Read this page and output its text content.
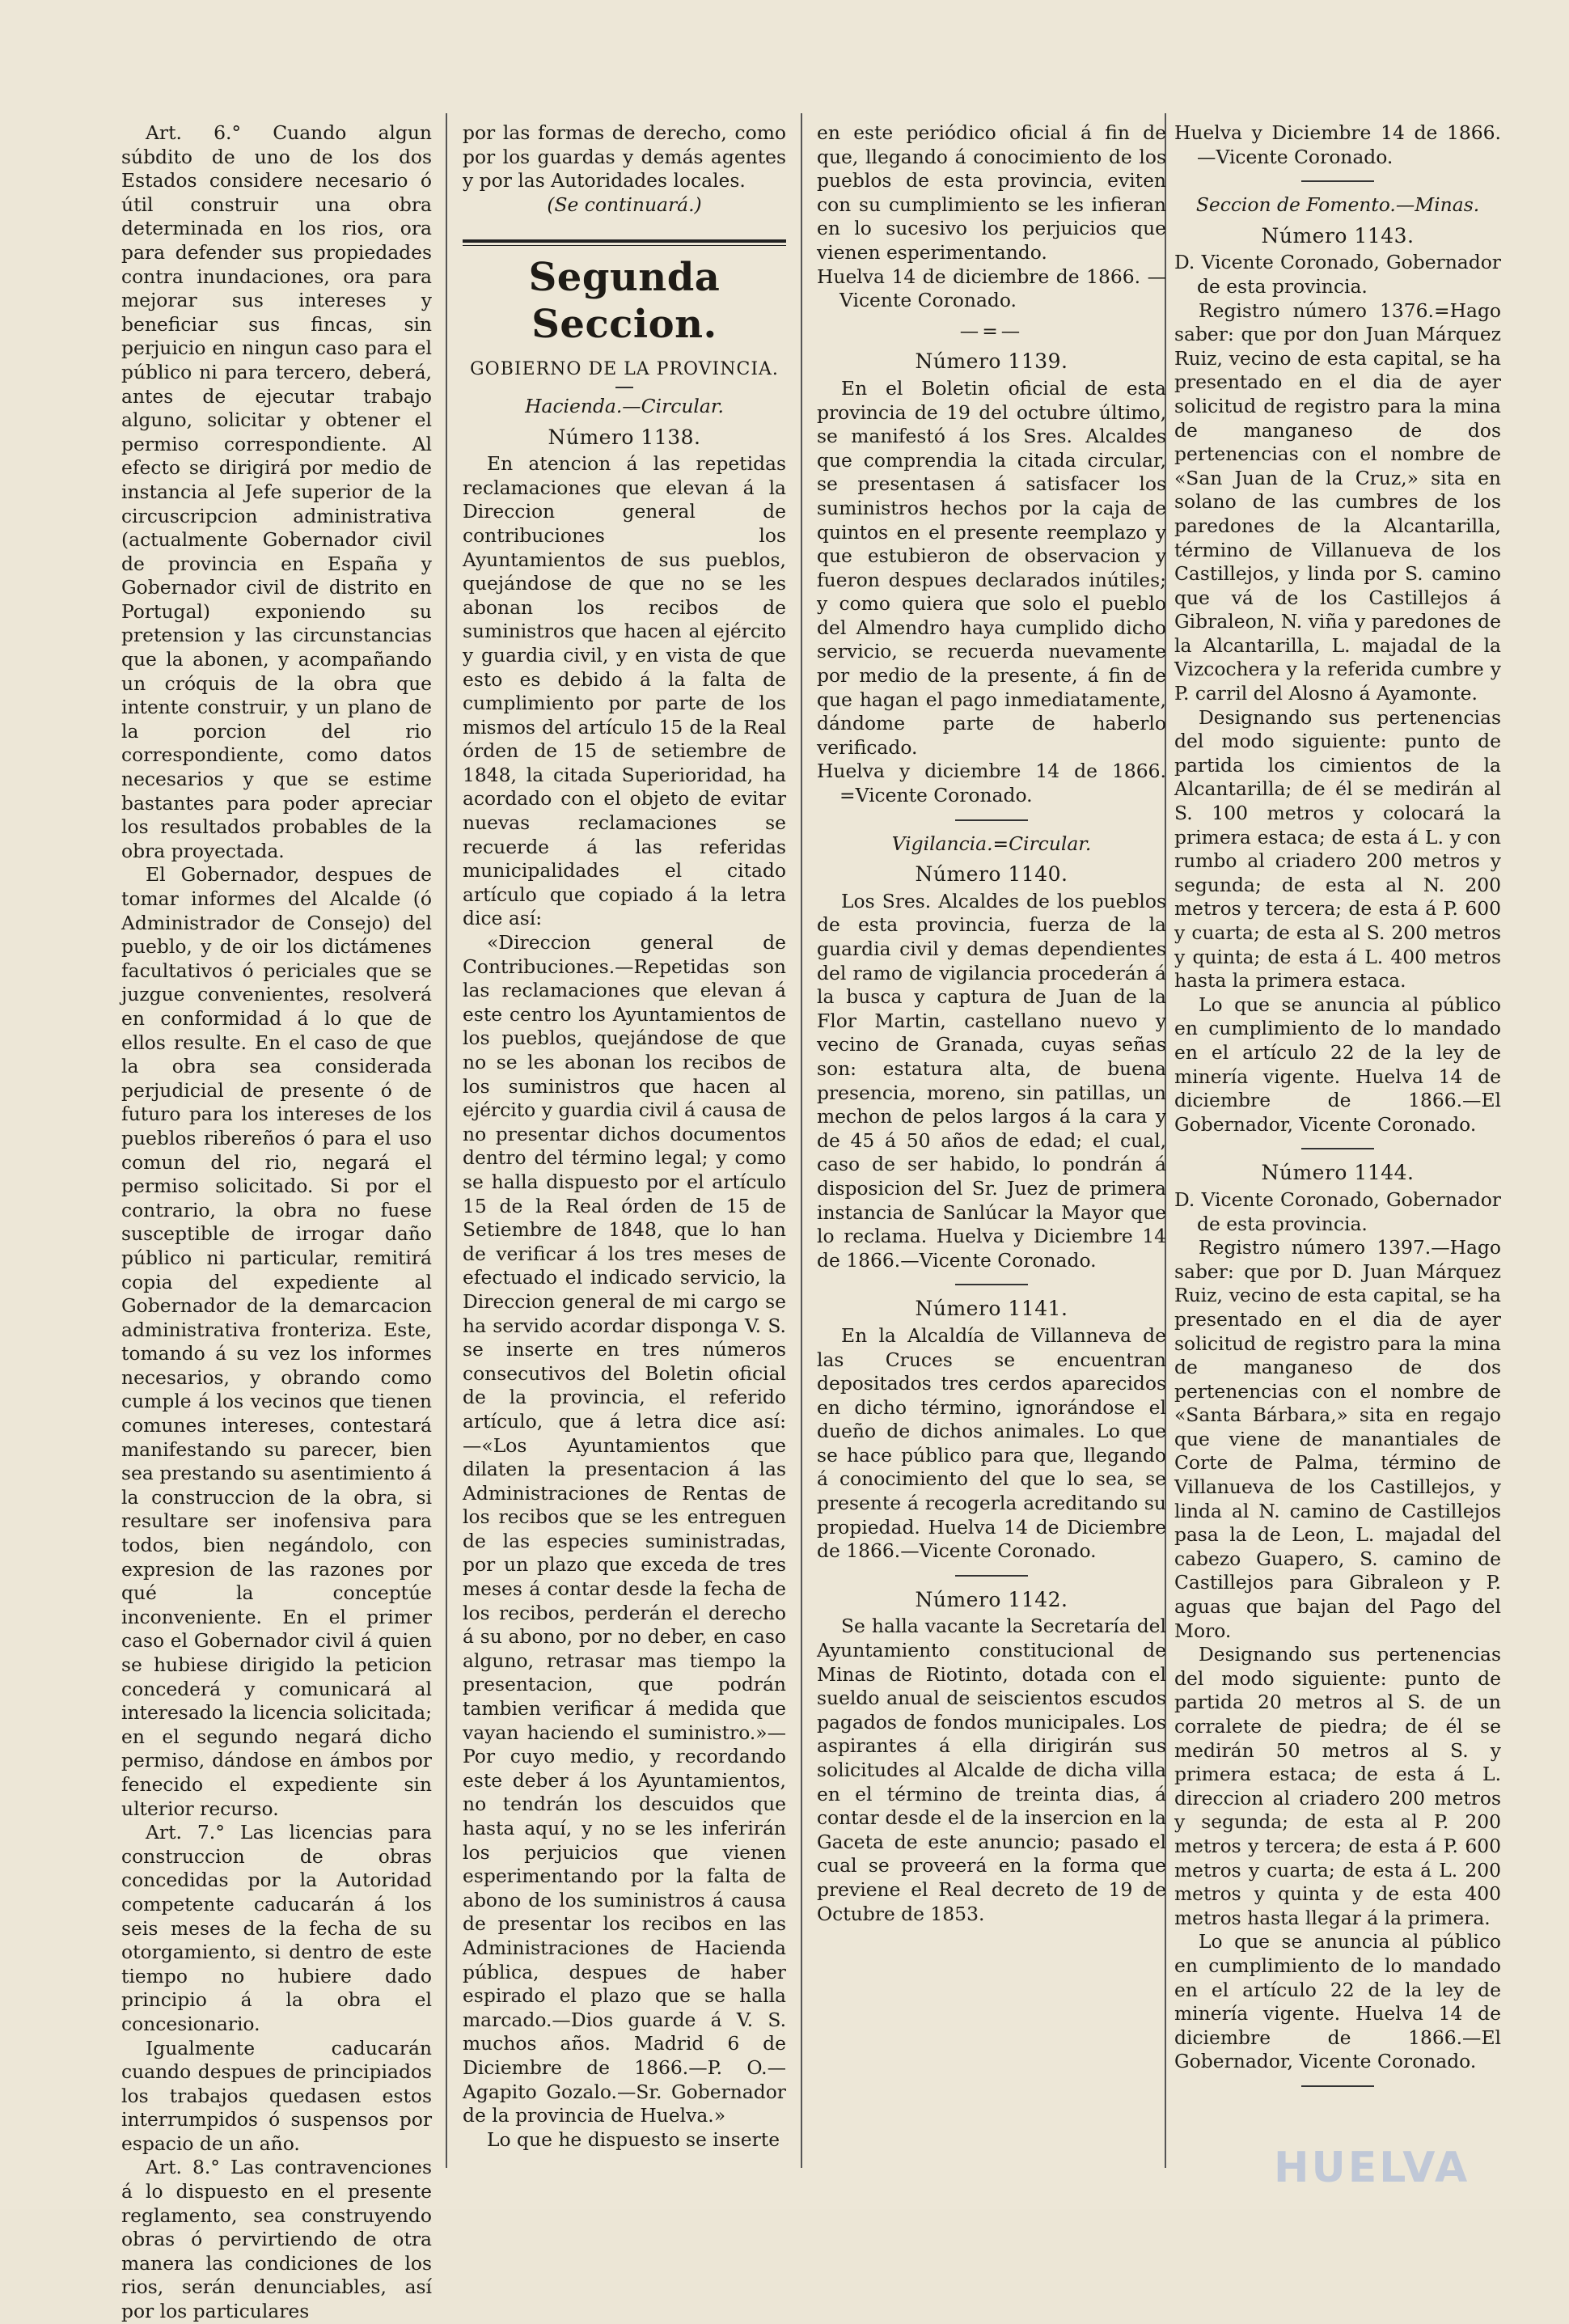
Art. 6.° Cuando algun súbdito de uno de los dos Estados considere necesario ó útil construir una obra determinada en los rios, ora para defender sus propiedades contra inundaciones, ora para mejorar sus intereses y beneficiar sus fincas, sin perjuicio en ningun caso para el público ni para tercero, deberá, antes de ejecutar trabajo alguno, solicitar y obtener el permiso correspondiente. Al efecto se dirigirá por medio de instancia al Jefe superior de la circuscripcion administrativa (actualmente Gobernador civil de provincia en España y Gobernador civil de distrito en Portugal) exponiendo su pretension y las circunstancias que la abonen, y acompañando un cróquis de la obra que intente construir, y un plano de la porcion del rio correspondiente, como datos necesarios y que se estime bastantes para poder apreciar los resultados probables de la obra proyectada.

El Gobernador, despues de tomar informes del Alcalde (ó Administrador de Consejo) del pueblo, y de oir los dictámenes facultativos ó periciales que se juzgue convenientes, resolverá en conformidad á lo que de ellos resulte. En el caso de que la obra sea considerada perjudicial de presente ó de futuro para los intereses de los pueblos ribereños ó para el uso comun del rio, negará el permiso solicitado. Si por el contrario, la obra no fuese susceptible de irrogar daño público ni particular, remitirá copia del expediente al Gobernador de la demarcacion administrativa fronteriza. Este, tomando á su vez los informes necesarios, y obrando como cumple á los vecinos que tienen comunes intereses, contestará manifestando su parecer, bien sea prestando su asentimiento á la construccion de la obra, si resultare ser inofensiva para todos, bien negándolo, con expresion de las razones por qué la conceptúe inconveniente. En el primer caso el Gobernador civil á quien se hubiese dirigido la peticion concederá y comunicará al interesado la licencia solicitada; en el segundo negará dicho permiso, dándose en ámbos por fenecido el expediente sin ulterior recurso.

Art. 7.° Las licencias para construccion de obras concedidas por la Autoridad competente caducarán á los seis meses de la fecha de su otorgamiento, si dentro de este tiempo no hubiere dado principio á la obra el concesionario.

Igualmente caducarán cuando despues de principiados los trabajos quedasen estos interrumpidos ó suspensos por espacio de un año.

Art. 8.° Las contravenciones á lo dispuesto en el presente reglamento, sea construyendo obras ó pervirtiendo de otra manera las condiciones de los rios, serán denunciables, así por los particulares

por las formas de derecho, como por los guardas y demás agentes y por las Autoridades locales.

(Se continuará.)

Segunda Seccion.
GOBIERNO DE LA PROVINCIA.
Hacienda.—Circular.
Número 1138.

En atencion á las repetidas reclamaciones que elevan á la Direccion general de contribuciones los Ayuntamientos de sus pueblos, quejándose de que no se les abonan los recibos de suministros que hacen al ejército y guardia civil, y en vista de que esto es debido á la falta de cumplimiento por parte de los mismos del artículo 15 de la Real órden de 15 de setiembre de 1848, la citada Superioridad, ha acordado con el objeto de evitar nuevas reclamaciones se recuerde á las referidas municipalidades el citado artículo que copiado á la letra dice así:

«Direccion general de Contribuciones.—Repetidas son las reclamaciones que elevan á este centro los Ayuntamientos de los pueblos, quejándose de que no se les abonan los recibos de los suministros que hacen al ejército y guardia civil á causa de no presentar dichos documentos dentro del término legal; y como se halla dispuesto por el artículo 15 de la Real órden de 15 de Setiembre de 1848, que lo han de verificar á los tres meses de efectuado el indicado servicio, la Direccion general de mi cargo se ha servido acordar disponga V. S. se inserte en tres números consecutivos del Boletin oficial de la provincia, el referido artículo, que á letra dice así:—«Los Ayuntamientos que dilaten la presentacion á las Administraciones de Rentas de los recibos que se les entreguen de las especies suministradas, por un plazo que exceda de tres meses á contar desde la fecha de los recibos, perderán el derecho á su abono, por no deber, en caso alguno, retrasar mas tiempo la presentacion, que podrán tambien verificar á medida que vayan haciendo el suministro.»—Por cuyo medio, y recordando este deber á los Ayuntamientos, no tendrán los descuidos que hasta aquí, y no se les inferirán los perjuicios que vienen esperimentando por la falta de abono de los suministros á causa de presentar los recibos en las Administraciones de Hacienda pública, despues de haber espirado el plazo que se halla marcado.—Dios guarde á V. S. muchos años. Madrid 6 de Diciembre de 1866.—P. O.—Agapito Gozalo.—Sr. Gobernador de la provincia de Huelva.»

Lo que he dispuesto se inserte

en este periódico oficial á fin de que, llegando á conocimiento de los pueblos de esta provincia, eviten con su cumplimiento se les infieran en lo sucesivo los perjuicios que vienen esperimentando.

Huelva 14 de diciembre de 1866. —Vicente Coronado.

—=—
Número 1139.

En el Boletin oficial de esta provincia de 19 del octubre último, se manifestó á los Sres. Alcaldes que comprendia la citada circular, se presentasen á satisfacer los suministros hechos por la caja de quintos en el presente reemplazo y que estubieron de observacion y fueron despues declarados inútiles; y como quiera que solo el pueblo del Almendro haya cumplido dicho servicio, se recuerda nuevamente por medio de la presente, á fin de que hagan el pago inmediatamente, dándome parte de haberlo verificado.

Huelva y diciembre 14 de 1866. =Vicente Coronado.

Vigilancia.=Circular.
Número 1140.

Los Sres. Alcaldes de los pueblos de esta provincia, fuerza de la guardia civil y demas dependientes del ramo de vigilancia procederán á la busca y captura de Juan de la Flor Martin, castellano nuevo y vecino de Granada, cuyas señas son: estatura alta, de buena presencia, moreno, sin patillas, un mechon de pelos largos á la cara y de 45 á 50 años de edad; el cual, caso de ser habido, lo pondrán á disposicion del Sr. Juez de primera instancia de Sanlúcar la Mayor que lo reclama. Huelva y Diciembre 14 de 1866.—Vicente Coronado.

Número 1141.

En la Alcaldía de Villanneva de las Cruces se encuentran depositados tres cerdos aparecidos en dicho término, ignorándose el dueño de dichos animales. Lo que se hace público para que, llegando á conocimiento del que lo sea, se presente á recogerla acreditando su propiedad. Huelva 14 de Diciembre de 1866.—Vicente Coronado.

Número 1142.

Se halla vacante la Secretaría del Ayuntamiento constitucional de Minas de Riotinto, dotada con el sueldo anual de seiscientos escudos pagados de fondos municipales. Los aspirantes á ella dirigirán sus solicitudes al Alcalde de dicha villa en el término de treinta dias, á contar desde el de la insercion en la Gaceta de este anuncio; pasado el cual se proveerá en la forma que previene el Real decreto de 19 de Octubre de 1853.

Huelva y Diciembre 14 de 1866. —Vicente Coronado.

Seccion de Fomento.—Minas.
Número 1143.

D. Vicente Coronado, Gobernador de esta provincia.

Registro número 1376.=Hago saber: que por don Juan Márquez Ruiz, vecino de esta capital, se ha presentado en el dia de ayer solicitud de registro para la mina de manganeso de dos pertenencias con el nombre de «San Juan de la Cruz,» sita en solano de las cumbres de los paredones de la Alcantarilla, término de Villanueva de los Castillejos, y linda por S. camino que vá de los Castillejos á Gibraleon, N. viña y paredones de la Alcantarilla, L. majadal de la Vizcochera y la referida cumbre y P. carril del Alosno á Ayamonte.

Designando sus pertenencias del modo siguiente: punto de partida los cimientos de la Alcantarilla; de él se medirán al S. 100 metros y colocará la primera estaca; de esta á L. y con rumbo al criadero 200 metros y segunda; de esta al N. 200 metros y tercera; de esta á P. 600 y cuarta; de esta al S. 200 metros y quinta; de esta á L. 400 metros hasta la primera estaca.

Lo que se anuncia al público en cumplimiento de lo mandado en el artículo 22 de la ley de minería vigente. Huelva 14 de diciembre de 1866.—El Gobernador, Vicente Coronado.

Número 1144.

D. Vicente Coronado, Gobernador de esta provincia.

Registro número 1397.—Hago saber: que por D. Juan Márquez Ruiz, vecino de esta capital, se ha presentado en el dia de ayer solicitud de registro para la mina de manganeso de dos pertenencias con el nombre de «Santa Bárbara,» sita en regajo que viene de manantiales de Corte de Palma, término de Villanueva de los Castillejos, y linda al N. camino de Castillejos pasa la de Leon, L. majadal del cabezo Guapero, S. camino de Castillejos para Gibraleon y P. aguas que bajan del Pago del Moro.

Designando sus pertenencias del modo siguiente: punto de partida 20 metros al S. de un corralete de piedra; de él se medirán 50 metros al S. y primera estaca; de esta á L. direccion al criadero 200 metros y segunda; de esta al P. 200 metros y tercera; de esta á P. 600 metros y cuarta; de esta á L. 200 metros y quinta y de esta 400 metros hasta llegar á la primera.

Lo que se anuncia al público en cumplimiento de lo mandado en el artículo 22 de la ley de minería vigente. Huelva 14 de diciembre de 1866.—El Gobernador, Vicente Coronado.

HUELVA
